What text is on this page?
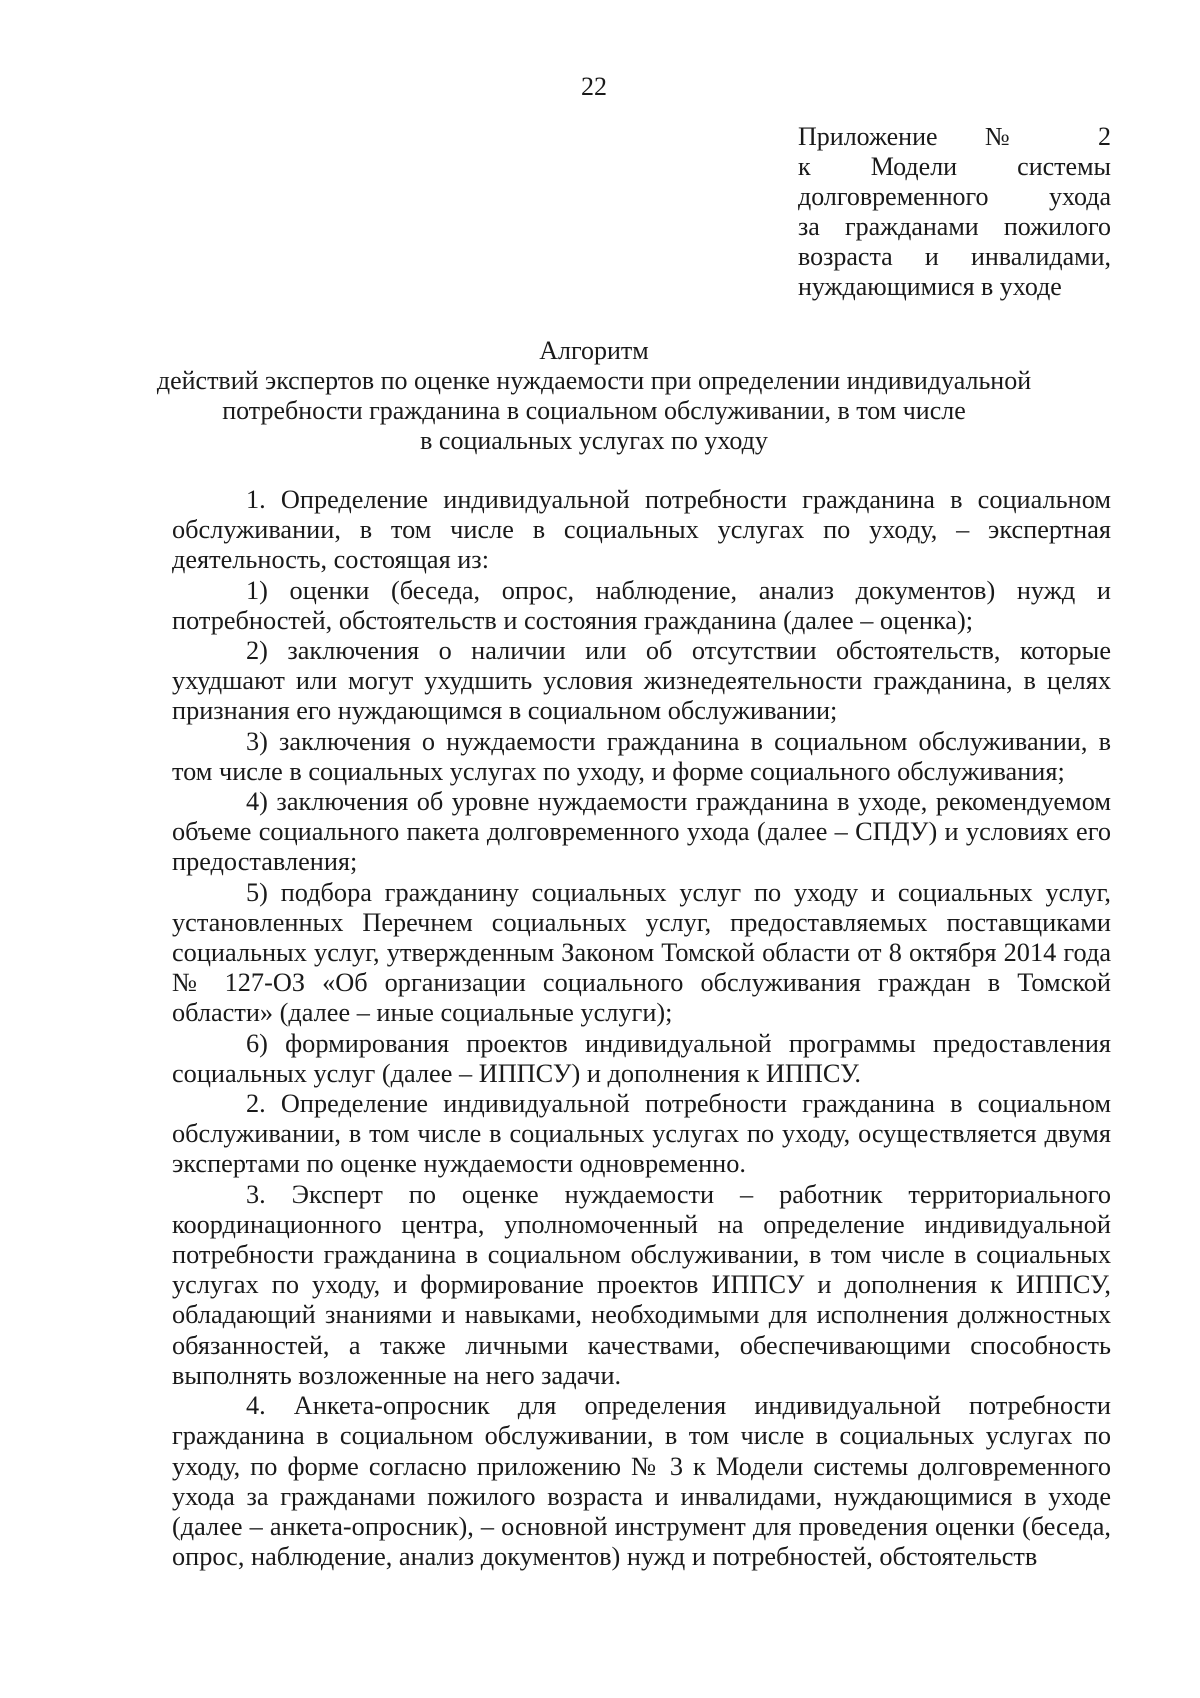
22
Приложение № 2
к Модели системы
долговременного ухода
за гражданами пожилого
возраста и инвалидами,
нуждающимися в уходе
Алгоритм
действий экспертов по оценке нуждаемости при определении индивидуальной
потребности гражданина в социальном обслуживании, в том числе
в социальных услугах по уходу

1. Определение индивидуальной потребности гражданина в социальном обслуживании, в том числе в социальных услугах по уходу, – экспертная деятельность, состоящая из:

1) оценки (беседа, опрос, наблюдение, анализ документов) нужд и потребностей, обстоятельств и состояния гражданина (далее – оценка);

2) заключения о наличии или об отсутствии обстоятельств, которые ухудшают или могут ухудшить условия жизнедеятельности гражданина, в целях признания его нуждающимся в социальном обслуживании;

3) заключения о нуждаемости гражданина в социальном обслуживании, в том числе в социальных услугах по уходу, и форме социального обслуживания;

4) заключения об уровне нуждаемости гражданина в уходе, рекомендуемом объеме социального пакета долговременного ухода (далее – СПДУ) и условиях его предоставления;

5) подбора гражданину социальных услуг по уходу и социальных услуг, установленных Перечнем социальных услуг, предоставляемых поставщиками социальных услуг, утвержденным Законом Томской области от 8 октября 2014 года № 127-ОЗ «Об организации социального обслуживания граждан в Томской области» (далее – иные социальные услуги);

6) формирования проектов индивидуальной программы предоставления социальных услуг (далее – ИППСУ) и дополнения к ИППСУ.

2. Определение индивидуальной потребности гражданина в социальном обслуживании, в том числе в социальных услугах по уходу, осуществляется двумя экспертами по оценке нуждаемости одновременно.

3. Эксперт по оценке нуждаемости – работник территориального координационного центра, уполномоченный на определение индивидуальной потребности гражданина в социальном обслуживании, в том числе в социальных услугах по уходу, и формирование проектов ИППСУ и дополнения к ИППСУ, обладающий знаниями и навыками, необходимыми для исполнения должностных обязанностей, а также личными качествами, обеспечивающими способность выполнять возложенные на него задачи.

4. Анкета-опросник для определения индивидуальной потребности гражданина в социальном обслуживании, в том числе в социальных услугах по уходу, по форме согласно приложению № 3 к Модели системы долговременного ухода за гражданами пожилого возраста и инвалидами, нуждающимися в уходе (далее – анкета-опросник), – основной инструмент для проведения оценки (беседа, опрос, наблюдение, анализ документов) нужд и потребностей, обстоятельств
